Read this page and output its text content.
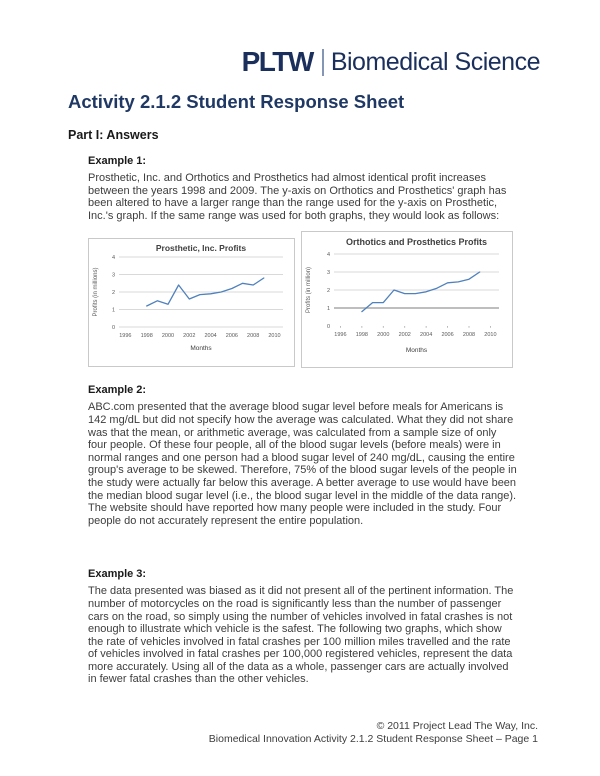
PLTW Biomedical Science
Activity 2.1.2 Student Response Sheet
Part I: Answers
Example 1:
Prosthetic, Inc. and Orthotics and Prosthetics had almost identical profit increases between the years 1998 and 2009. The y-axis on Orthotics and Prosthetics' graph has been altered to have a larger range than the range used for the y-axis on Prosthetic, Inc.'s graph. If the same range was used for both graphs, they would look as follows:
0
1
2
3
4
1996 1998 2000 2002 2004 2006 2008 2010
Prosthetic, Inc. Profits
Months
Profits (in millions)
0
1
2
3
4
1996 1998 2000 2002 2004 2006 2008 2010
Orthotics and Prosthetics Profits
Months
Profits (in million)
Example 2:
ABC.com presented that the average blood sugar level before meals for Americans is 142 mg/dL but did not specify how the average was calculated. What they did not share was that the mean, or arithmetic average, was calculated from a sample size of only four people. Of these four people, all of the blood sugar levels (before meals) were in normal ranges and one person had a blood sugar level of 240 mg/dL, causing the entire group's average to be skewed. Therefore, 75% of the blood sugar levels of the people in the study were actually far below this average. A better average to use would have been the median blood sugar level (i.e., the blood sugar level in the middle of the data range). The website should have reported how many people were included in the study. Four people do not accurately represent the entire population.
Example 3:
The data presented was biased as it did not present all of the pertinent information. The number of motorcycles on the road is significantly less than the number of passenger cars on the road, so simply using the number of vehicles involved in fatal crashes is not enough to illustrate which vehicle is the safest. The following two graphs, which show the rate of vehicles involved in fatal crashes per 100 million miles travelled and the rate of vehicles involved in fatal crashes per 100,000 registered vehicles, represent the data more accurately. Using all of the data as a whole, passenger cars are actually involved in fewer fatal crashes than the other vehicles.
© 2011 Project Lead The Way, Inc.
Biomedical Innovation Activity 2.1.2 Student Response Sheet – Page 1
